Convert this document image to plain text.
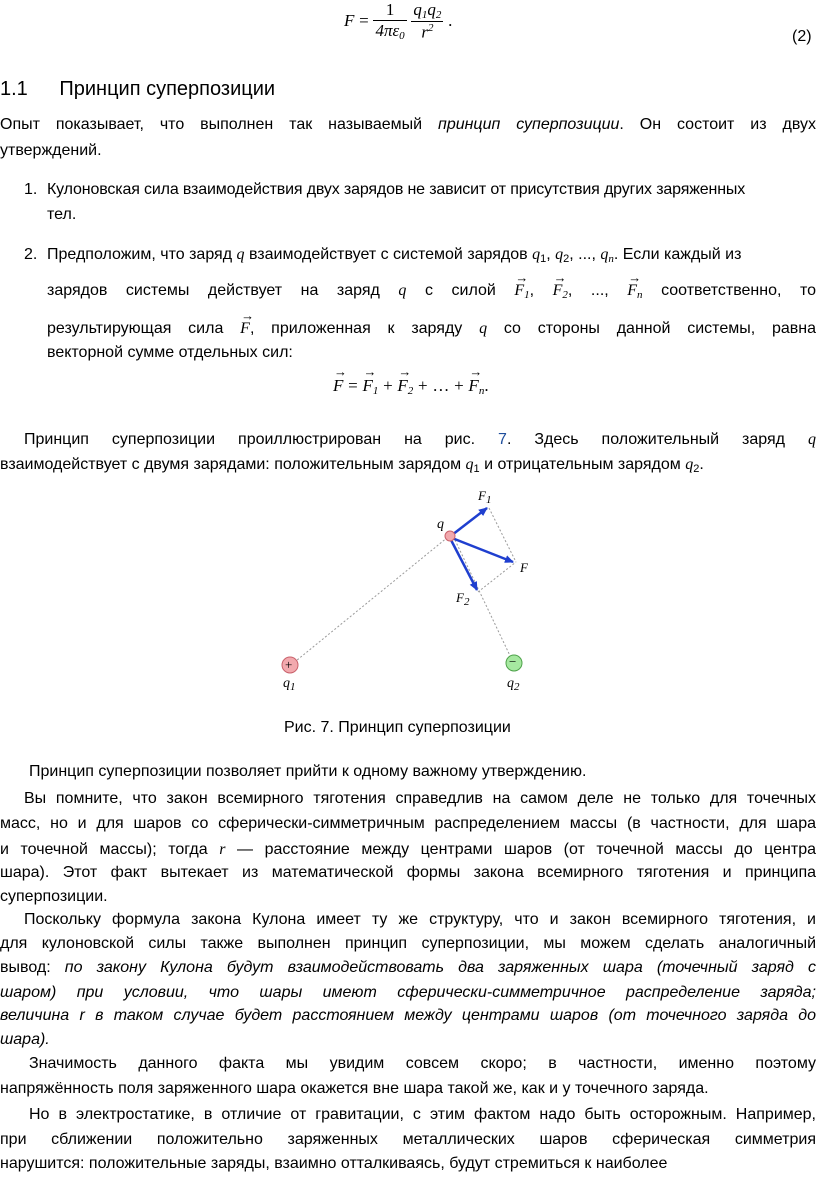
$F = \frac{1}{4\pi\varepsilon_0}$
$\frac{q_1q_2}{r^2}$ .
(2)
1.1 Принцип суперпозиции
Опыт показывает, что выполнен так называемый принцип суперпозиции. Он состоит из двух
утверждений.
1. Кулоновская сила взаимодействия двух зарядов не зависит от присутствия других заряженных
тел.
2. Предположим, что заряд q взаимодействует с системой зарядов $q_1$, $q_2$, ..., $q_n$. Если каждый из
зарядов системы действует на заряд q с силой → $F_1$, → $F_2$, ..., → $F_n$ соответственно, то
результирующая сила → F, приложенная к заряду q со стороны данной системы, равна
векторной сумме отдельных сил:
→ F = → $F_1$ + → $F_2$ + … + → $F_n$.
Принцип суперпозиции проиллюстрирован на рис. 7. Здесь положительный заряд q
взаимодействует с двумя зарядами: положительным зарядом $q_1$ и отрицательным зарядом $q_2$.
q
$F_1$
F
$F_2$
+	−
$q_1$	$q_2$
Рис. 7. Принцип суперпозиции
Принцип суперпозиции позволяет прийти к одному важному утверждению.
Вы помните, что закон всемирного тяготения справедлив на самом деле не только для точечных
масс, но и для шаров со сферически-симметричным распределением массы (в частности, для шара
и точечной массы); тогда r — расстояние между центрами шаров (от точечной массы до центра
шара). Этот факт вытекает из математической формы закона всемирного тяготения и принципа
суперпозиции.
Поскольку формула закона Кулона имеет ту же структуру, что и закон всемирного тяготения, и
для кулоновской силы также выполнен принцип суперпозиции, мы можем сделать аналогичный
вывод: по закону Кулона будут взаимодействовать два заряженных шара (точечный заряд с
шаром) при условии, что шары имеют сферически-симметричное распределение заряда;
величина r в таком случае будет расстоянием между центрами шаров (от точечного заряда до
шара).
Значимость данного факта мы увидим совсем скоро; в частности, именно поэтому
напряжённость поля заряженного шара окажется вне шара такой же, как и у точечного заряда.
Но в электростатике, в отличие от гравитации, с этим фактом надо быть осторожным. Например,
при сближении положительно заряженных металлических шаров сферическая симметрия
нарушится: положительные заряды, взаимно отталкиваясь, будут стремиться к наиболее
